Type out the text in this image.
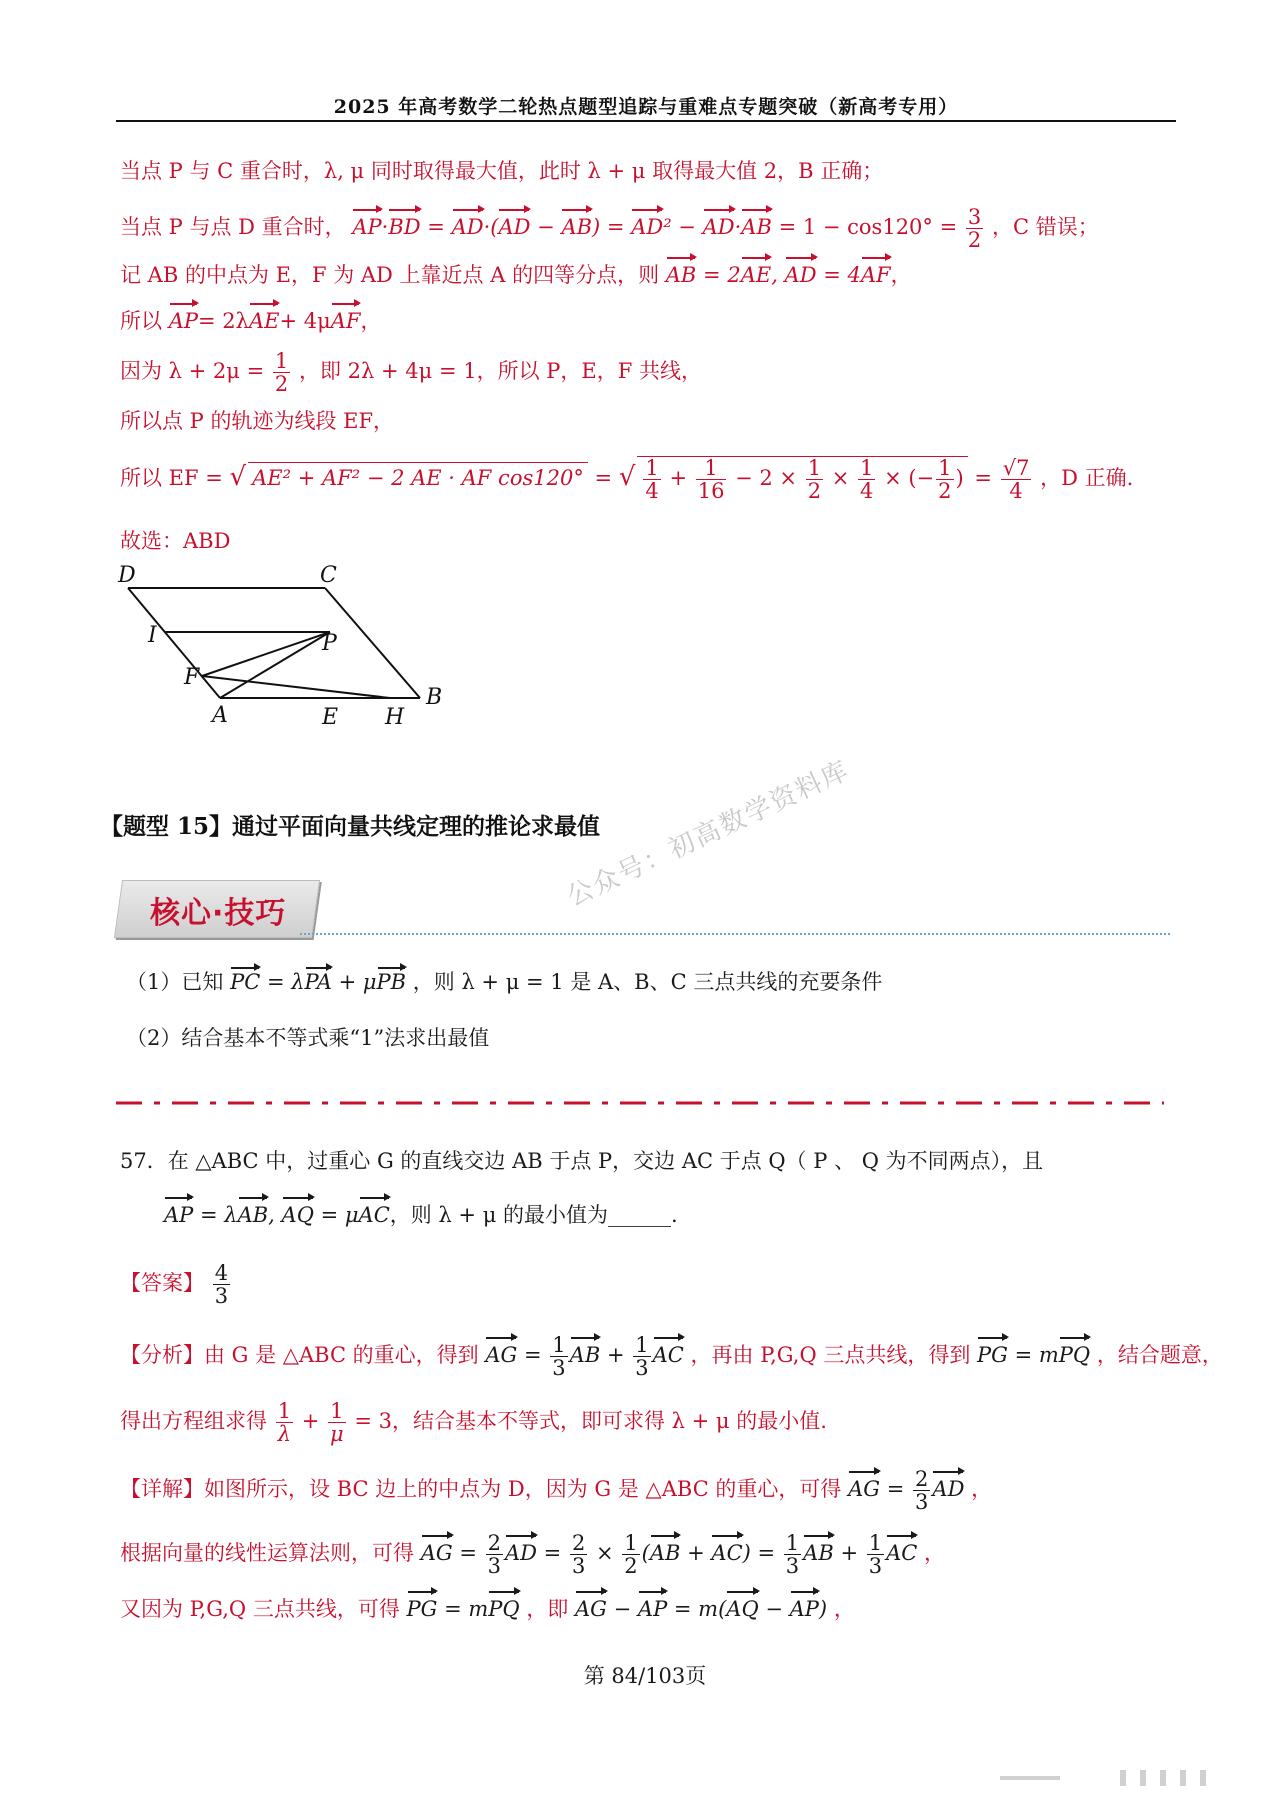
2025 年高考数学二轮热点题型追踪与重难点专题突破（新高考专用）
当点 P 与 C 重合时，λ, μ 同时取得最大值，此时 λ + μ 取得最大值 2，B 正确；
当点 P 与点 D 重合时， $AP\cdot BD = AD\cdot(AD - AB) = AD^2 - AD\cdot AB = 1 - \cos 120^\circ = \frac{3}{2}$ ，C 错误；
记 AB 的中点为 E，F 为 AD 上靠近点 A 的四等分点，则 AB = 2AE, AD = 4AF，
所以 AP= 2λAE+ 4μAF，
因为 $\lambda + 2\mu = \frac{1}{2}$ ，即 2λ + 4μ = 1，所以 P，E，F 共线，
所以点 P 的轨迹为线段 EF，
所以 EF = √ AE² + AF² − 2 AE · AF cos120° = √ $\frac{1}{4} + \frac{1}{16} - 2 \times \frac{1}{2} \times \frac{1}{4}$ × (− $\frac{1}{2}$ ) = $\frac{√7}{4}$ ，D 正确.
故选：ABD
D	C
I	P
F
A	E H
B
【题型 15】通过平面向量共线定理的推论求最值
核心·技巧
公众号：初高数学资料库
（1）已知 PC = λPA + μPB ，则 λ + μ = 1 是 A、B、C 三点共线的充要条件
（2）结合基本不等式乘“1”法求出最值
57．在 △ABC 中，过重心 G 的直线交边 AB 于点 P，交边 AC 于点 Q（ P 、 Q 为不同两点），且
AP = λAB, AQ = μAC，则 λ + μ 的最小值为______.
【答案】 $\frac{4}{3}$
【分析】由 G 是 △ABC 的重心，得到 AG = $\frac{1}{3}$ AB + $\frac{1}{3}$ AC ，再由 P,G,Q 三点共线，得到 PG = mPQ ，结合题意，
得出方程组求得 $\frac{1}{\lambda} + \frac{1}{\mu} = 3$，结合基本不等式，即可求得 λ + μ 的最小值.
【详解】如图所示，设 BC 边上的中点为 D，因为 G 是 △ABC 的重心，可得 AG = $\frac{2}{3}$ AD ，
根据向量的线性运算法则，可得 AG = $\frac{2}{3}$ AD = $\frac{2}{3} \times \frac{1}{2} (AB + AC) = \frac{1}{3}$ AB + $\frac{1}{3}$ AC ，
又因为 P,G,Q 三点共线，可得 PG = mPQ ，即 AG − AP = m(AQ − AP) ，
第 84/103页
